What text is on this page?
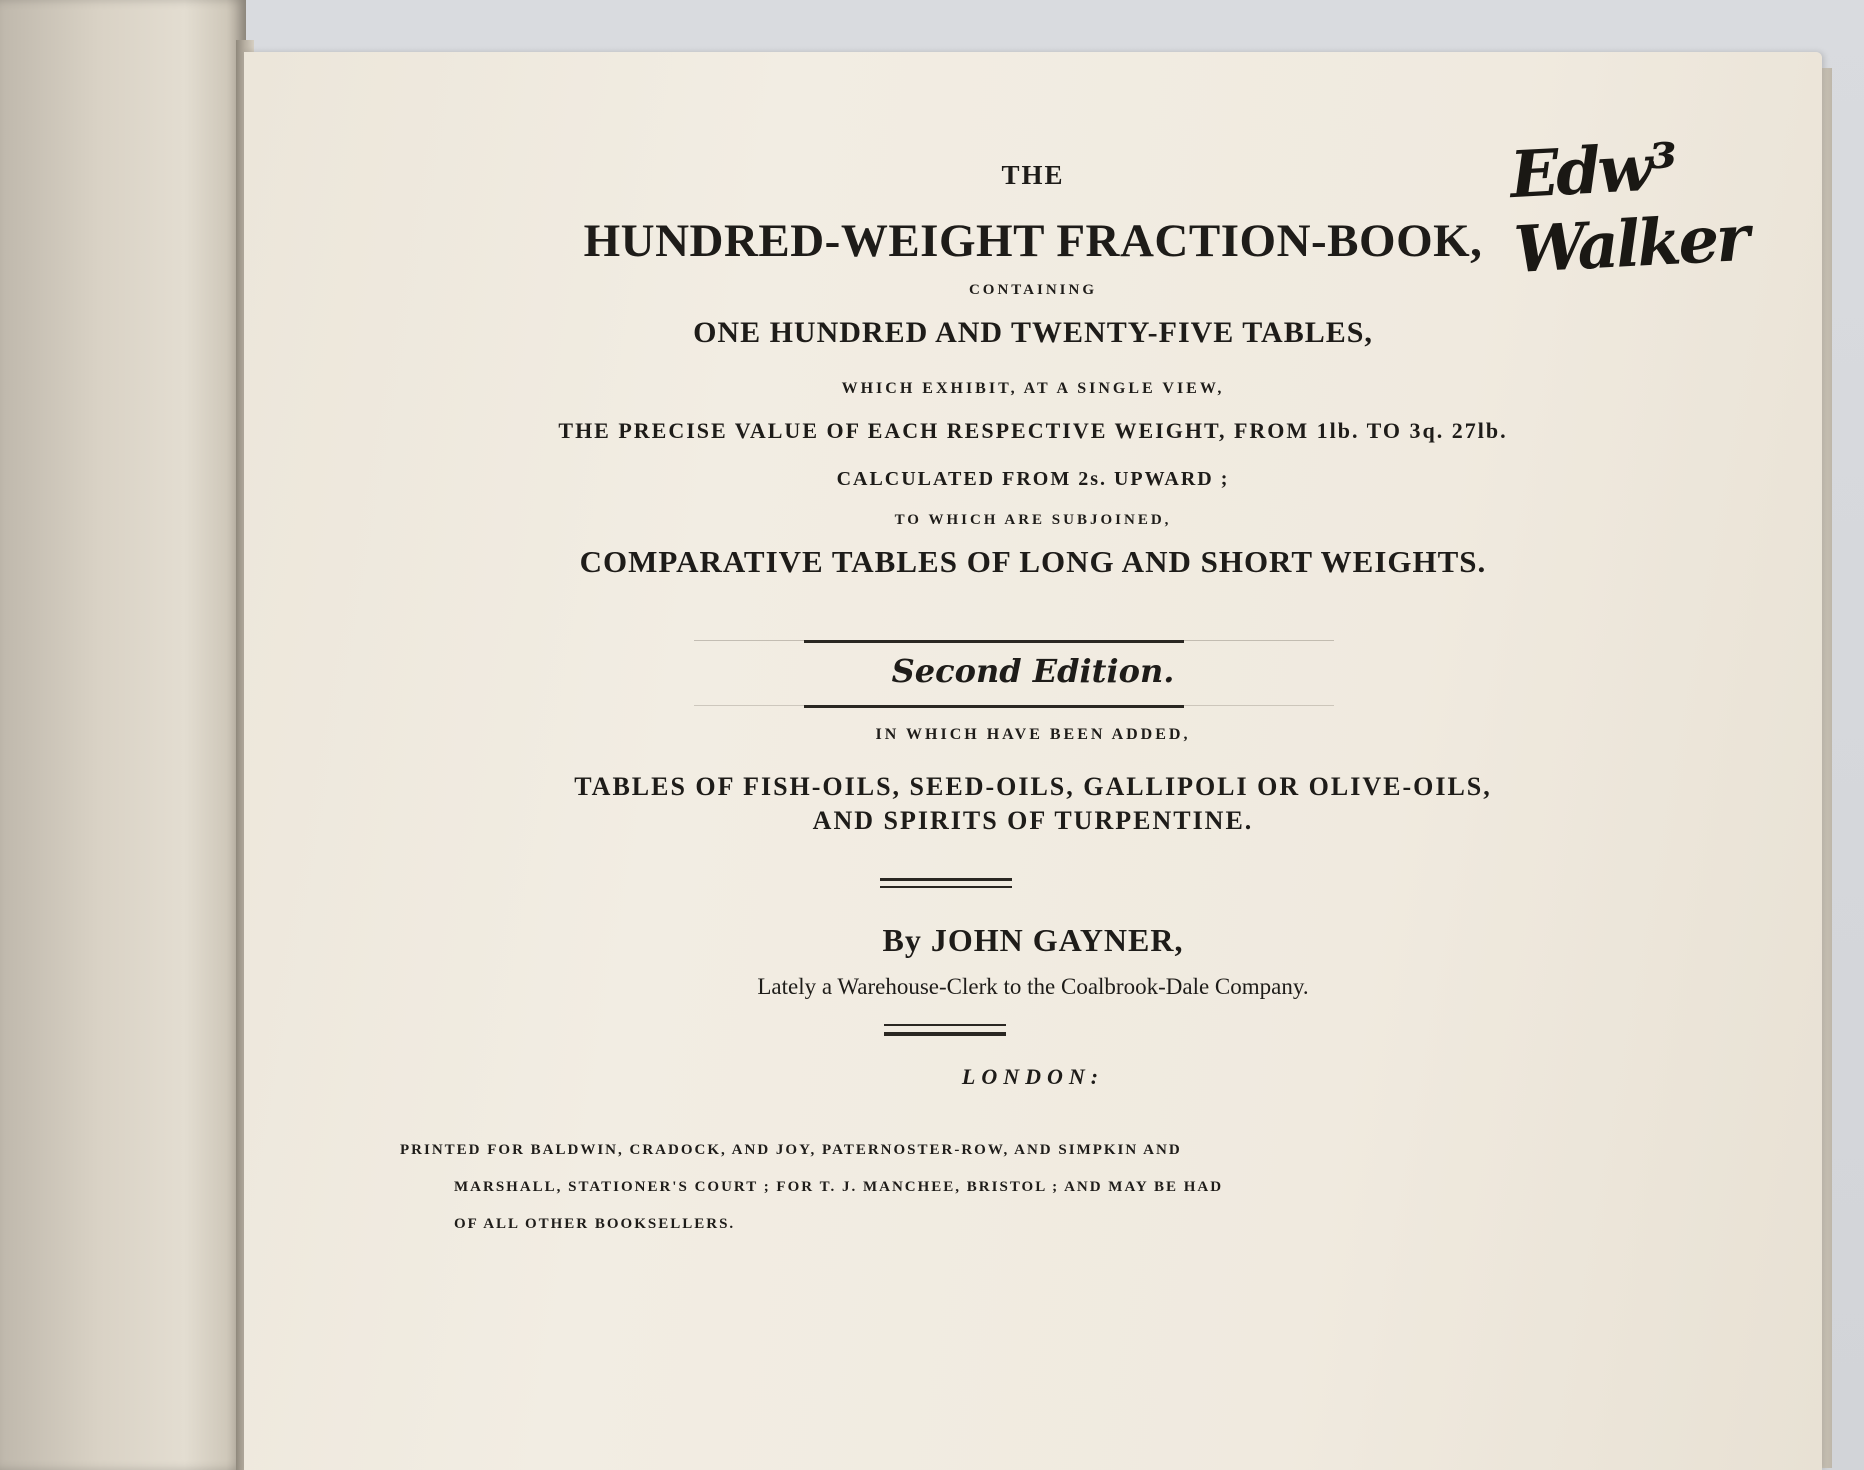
Edw³ Walker
THE
HUNDRED-WEIGHT FRACTION-BOOK,
CONTAINING
ONE HUNDRED AND TWENTY-FIVE TABLES,
WHICH EXHIBIT, AT A SINGLE VIEW,
THE PRECISE VALUE OF EACH RESPECTIVE WEIGHT, FROM 1lb. TO 3q. 27lb.
CALCULATED FROM 2s. UPWARD ;
TO WHICH ARE SUBJOINED,
COMPARATIVE TABLES OF LONG AND SHORT WEIGHTS.
Second Edition.
IN WHICH HAVE BEEN ADDED,
TABLES OF FISH-OILS, SEED-OILS, GALLIPOLI OR OLIVE-OILS,
AND SPIRITS OF TURPENTINE.
By JOHN GAYNER,
Lately a Warehouse-Clerk to the Coalbrook-Dale Company.
LONDON:
PRINTED FOR BALDWIN, CRADOCK, AND JOY, PATERNOSTER-ROW, AND SIMPKIN AND
MARSHALL, STATIONER'S COURT ; FOR T. J. MANCHEE, BRISTOL ; AND MAY BE HAD
OF ALL OTHER BOOKSELLERS.
